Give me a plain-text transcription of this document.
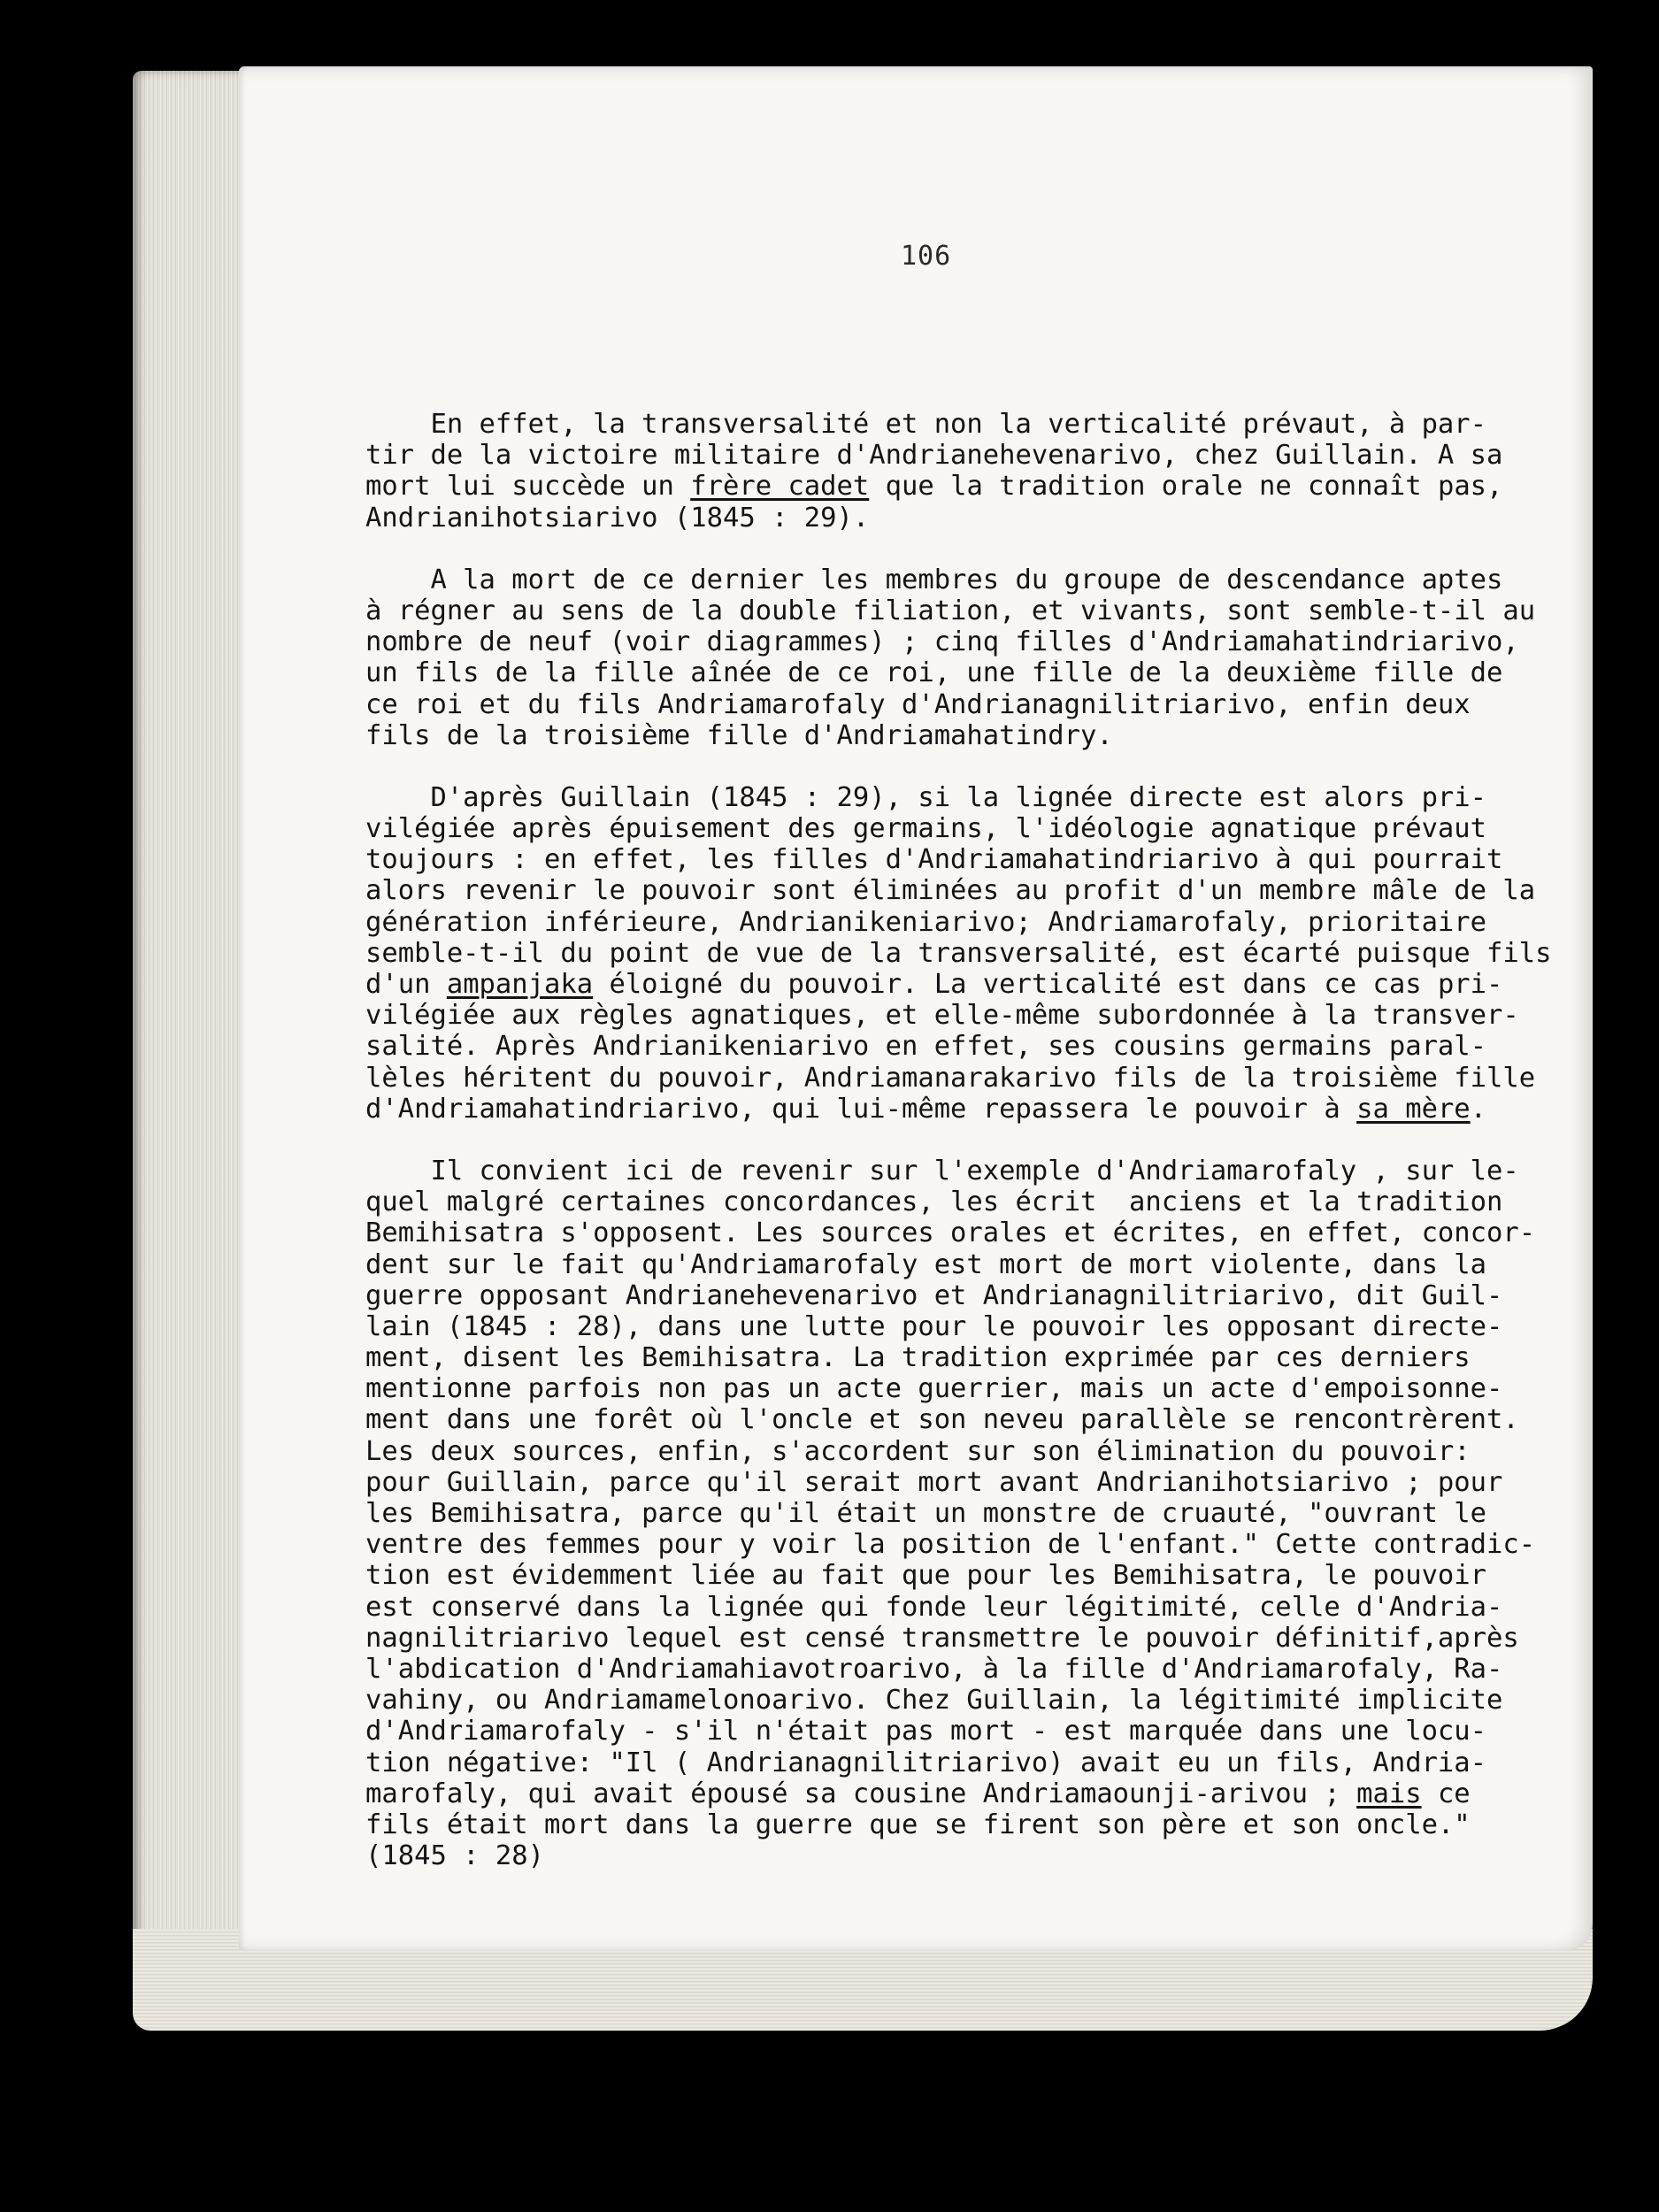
106
En effet, la transversalité et non la verticalité prévaut, à par-
tir de la victoire militaire d'Andrianehevenarivo, chez Guillain. A sa
mort lui succède un frère cadet que la tradition orale ne connaît pas,
Andrianihotsiarivo (1845 : 29).
A la mort de ce dernier les membres du groupe de descendance aptes
à régner au sens de la double filiation, et vivants, sont semble-t-il au
nombre de neuf (voir diagrammes) ; cinq filles d'Andriamahatindriarivo,
un fils de la fille aînée de ce roi, une fille de la deuxième fille de
ce roi et du fils Andriamarofaly d'Andrianagnilitriarivo, enfin deux
fils de la troisième fille d'Andriamahatindry.
D'après Guillain (1845 : 29), si la lignée directe est alors pri-
vilégiée après épuisement des germains, l'idéologie agnatique prévaut
toujours : en effet, les filles d'Andriamahatindriarivo à qui pourrait
alors revenir le pouvoir sont éliminées au profit d'un membre mâle de la
génération inférieure, Andrianikeniarivo; Andriamarofaly, prioritaire
semble-t-il du point de vue de la transversalité, est écarté puisque fils
d'un ampanjaka éloigné du pouvoir. La verticalité est dans ce cas pri-
vilégiée aux règles agnatiques, et elle-même subordonnée à la transver-
salité. Après Andrianikeniarivo en effet, ses cousins germains paral-
lèles héritent du pouvoir, Andriamanarakarivo fils de la troisième fille
d'Andriamahatindriarivo, qui lui-même repassera le pouvoir à sa mère.
Il convient ici de revenir sur l'exemple d'Andriamarofaly , sur le-
quel malgré certaines concordances, les écrit  anciens et la tradition
Bemihisatra s'opposent. Les sources orales et écrites, en effet, concor-
dent sur le fait qu'Andriamarofaly est mort de mort violente, dans la
guerre opposant Andrianehevenarivo et Andrianagnilitriarivo, dit Guil-
lain (1845 : 28), dans une lutte pour le pouvoir les opposant directe-
ment, disent les Bemihisatra. La tradition exprimée par ces derniers
mentionne parfois non pas un acte guerrier, mais un acte d'empoisonne-
ment dans une forêt où l'oncle et son neveu parallèle se rencontrèrent.
Les deux sources, enfin, s'accordent sur son élimination du pouvoir:
pour Guillain, parce qu'il serait mort avant Andrianihotsiarivo ; pour
les Bemihisatra, parce qu'il était un monstre de cruauté, "ouvrant le
ventre des femmes pour y voir la position de l'enfant." Cette contradic-
tion est évidemment liée au fait que pour les Bemihisatra, le pouvoir
est conservé dans la lignée qui fonde leur légitimité, celle d'Andria-
nagnilitriarivo lequel est censé transmettre le pouvoir définitif,après
l'abdication d'Andriamahiavotroarivo, à la fille d'Andriamarofaly, Ra-
vahiny, ou Andriamamelonoarivo. Chez Guillain, la légitimité implicite
d'Andriamarofaly - s'il n'était pas mort - est marquée dans une locu-
tion négative: "Il ( Andrianagnilitriarivo) avait eu un fils, Andria-
marofaly, qui avait épousé sa cousine Andriamaounji-arivou ; mais ce
fils était mort dans la guerre que se firent son père et son oncle."
(1845 : 28)
